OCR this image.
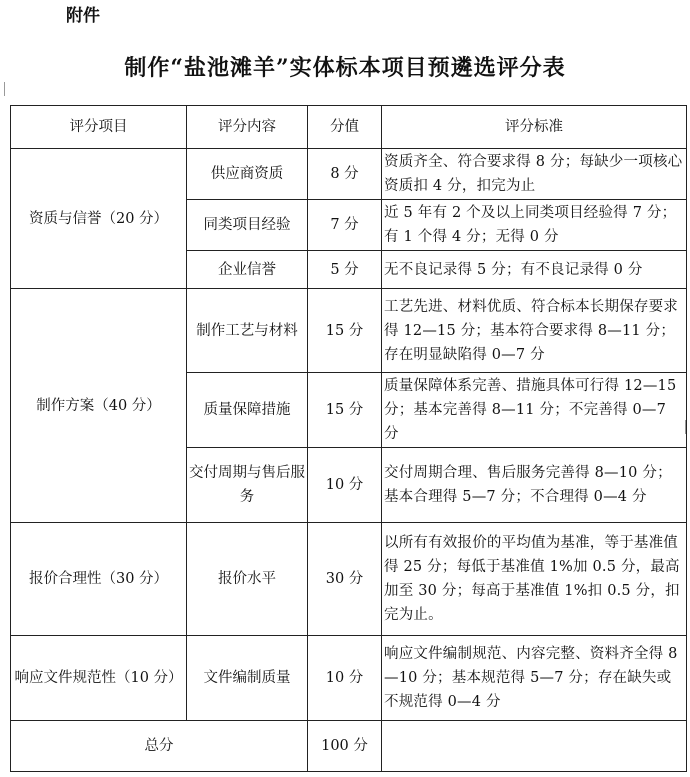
附件

制作“盐池滩羊”实体标本项目预遴选评分表
评分项目	评分内容	分值	评分标准
资质与信誉（20 分）	供应商资质	8 分	资质齐全、符合要求得 8 分；每缺少一项核心资质扣 4 分，扣完为止
	同类项目经验	7 分	近 5 年有 2 个及以上同类项目经验得 7 分；有 1 个得 4 分；无得 0 分
	企业信誉	5 分	无不良记录得 5 分；有不良记录得 0 分
制作方案（40 分）	制作工艺与材料	15 分	工艺先进、材料优质、符合标本长期保存要求得 12—15 分；基本符合要求得 8—11 分；存在明显缺陷得 0—7 分
	质量保障措施	15 分	质量保障体系完善、措施具体可行得 12—15 分；基本完善得 8—11 分；不完善得 0—7 分
	交付周期与售后服务	10 分	交付周期合理、售后服务完善得 8—10 分；基本合理得 5—7 分；不合理得 0—4 分
报价合理性（30 分）	报价水平	30 分	以所有有效报价的平均值为基准，等于基准值得 25 分；每低于基准值 1%加 0.5 分，最高加至 30 分；每高于基准值 1%扣 0.5 分，扣完为止。
响应文件规范性（10 分）	文件编制质量	10 分	响应文件编制规范、内容完整、资料齐全得 8—10 分；基本规范得 5—7 分；存在缺失或不规范得 0—4 分
总分		100 分	
